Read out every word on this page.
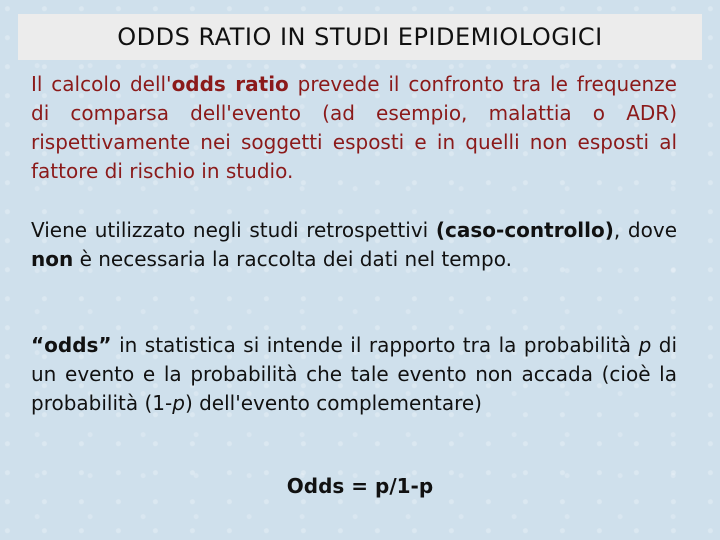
ODDS RATIO IN STUDI EPIDEMIOLOGICI

Il calcolo dell'odds ratio prevede il confronto tra le frequenze di comparsa dell'evento (ad esempio, malattia o ADR) rispettivamente nei soggetti esposti e in quelli non esposti al fattore di rischio in studio.

Viene utilizzato negli studi retrospettivi (caso-controllo), dove non è necessaria la raccolta dei dati nel tempo.

“odds” in statistica si intende il rapporto tra la probabilità p di un evento e la probabilità che tale evento non accada (cioè la probabilità (1-p) dell'evento complementare)

Odds = p/1-p
